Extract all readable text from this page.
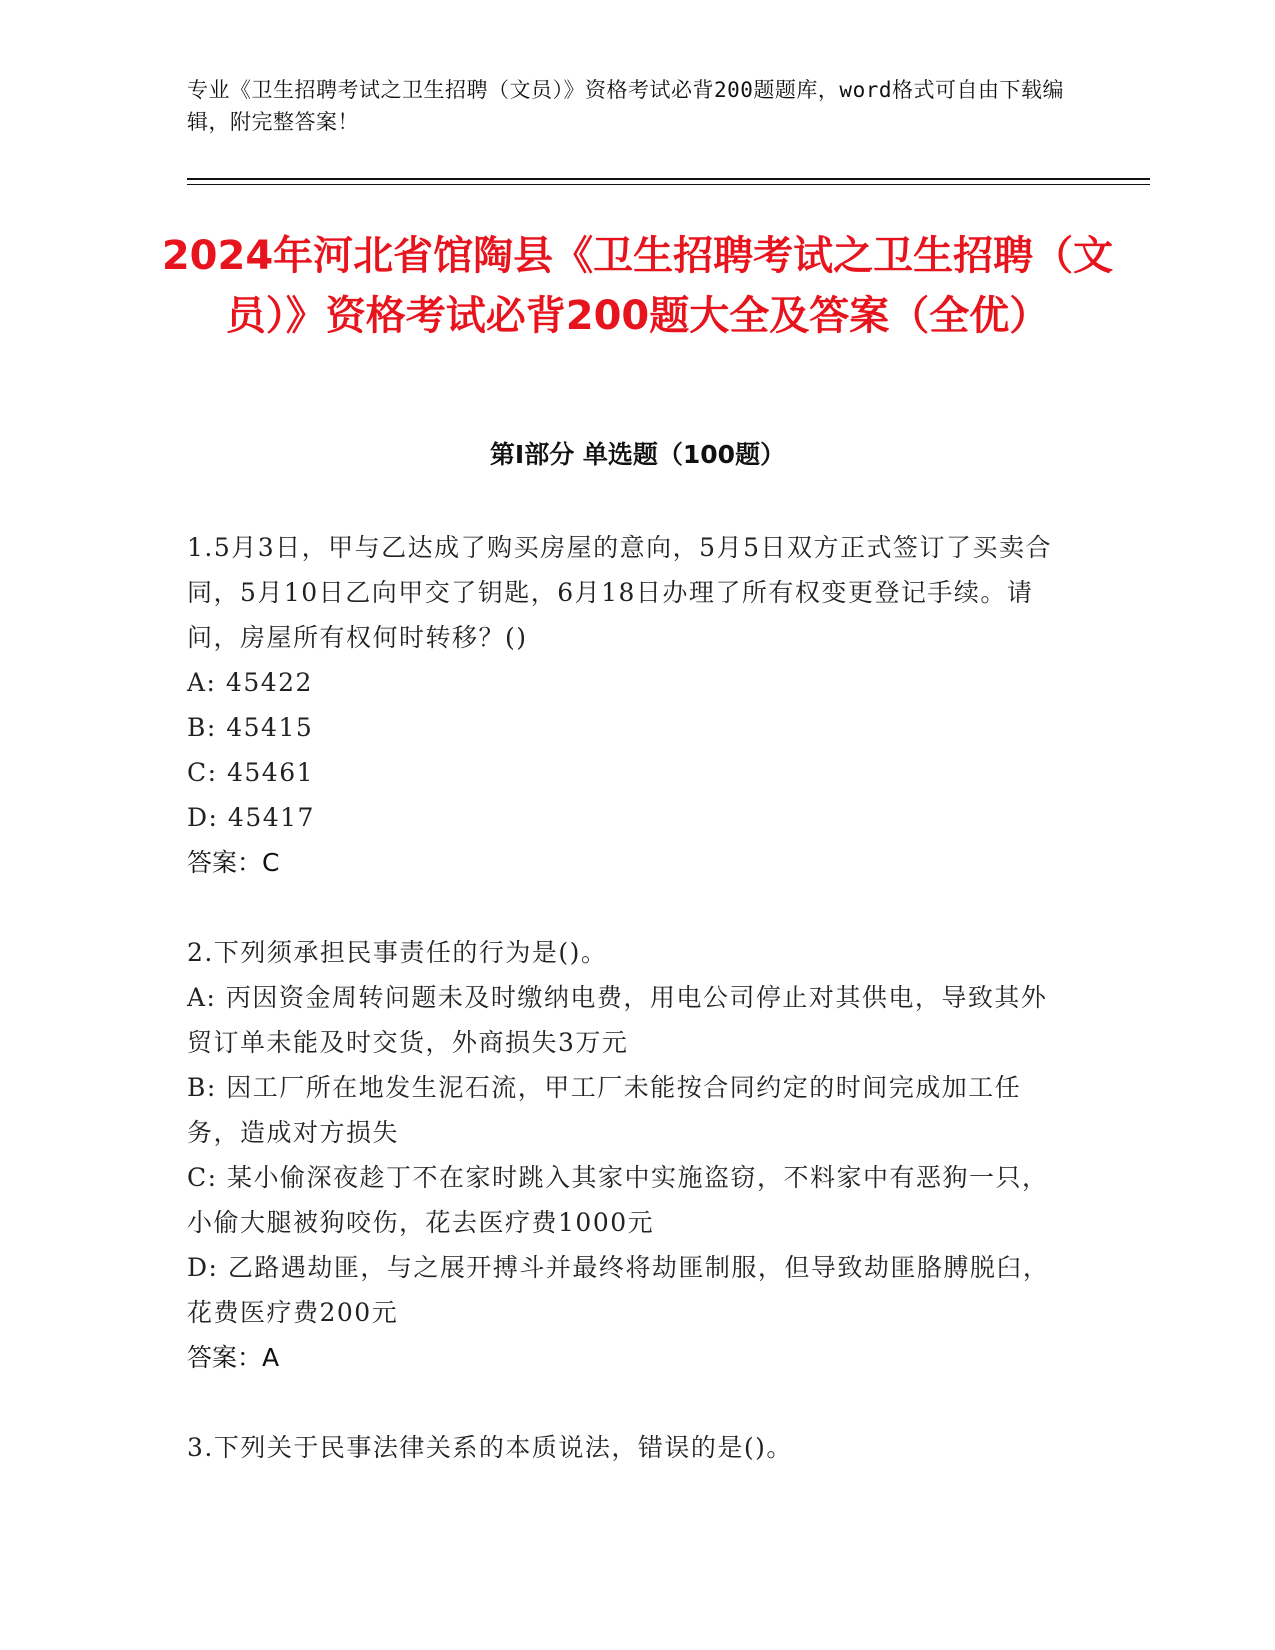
专业《卫生招聘考试之卫生招聘（文员）》资格考试必背200题题库，word格式可自由下载编辑，附完整答案！
2024年河北省馆陶县《卫生招聘考试之卫生招聘（文员）》资格考试必背200题大全及答案（全优）
第Ⅰ部分 单选题（100题）

1.5月3日，甲与乙达成了购买房屋的意向，5月5日双方正式签订了买卖合同，5月10日乙向甲交了钥匙，6月18日办理了所有权变更登记手续。请问，房屋所有权何时转移？()

A: 45422

B: 45415

C: 45461

D: 45417

答案：C

2.下列须承担民事责任的行为是()。

A: 丙因资金周转问题未及时缴纳电费，用电公司停止对其供电，导致其外贸订单未能及时交货，外商损失3万元

B: 因工厂所在地发生泥石流，甲工厂未能按合同约定的时间完成加工任务，造成对方损失

C: 某小偷深夜趁丁不在家时跳入其家中实施盗窃，不料家中有恶狗一只，小偷大腿被狗咬伤，花去医疗费1000元

D: 乙路遇劫匪，与之展开搏斗并最终将劫匪制服，但导致劫匪胳膊脱臼，花费医疗费200元

答案：A

3.下列关于民事法律关系的本质说法，错误的是()。
